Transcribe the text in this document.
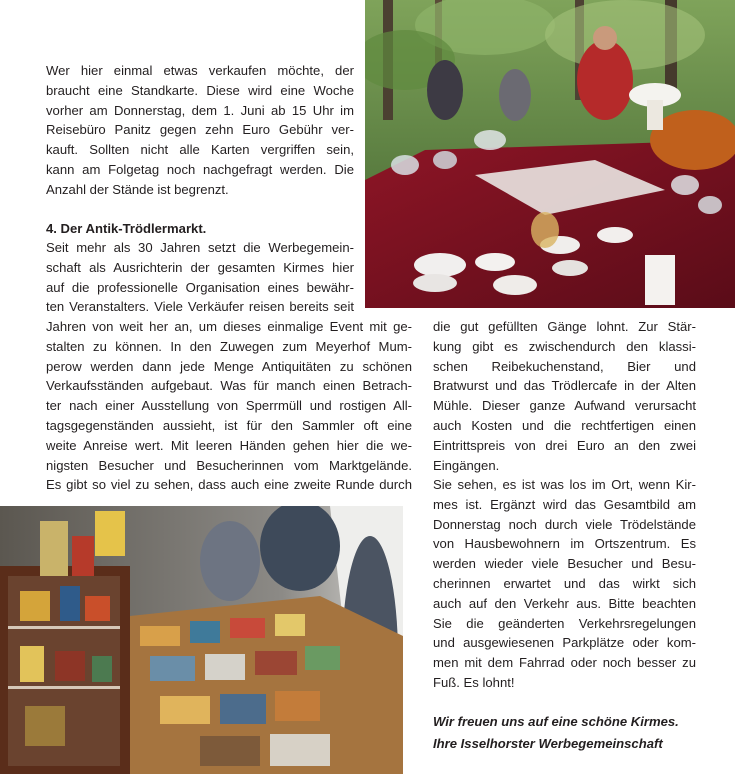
Wer hier einmal etwas verkaufen möchte, der
braucht eine Standkarte. Diese wird eine Woche
vorher am Donnerstag, dem 1. Juni ab 15 Uhr im
Reisebüro Panitz gegen zehn Euro Gebühr ver-
kauft. Sollten nicht alle Karten vergriffen sein,
kann am Folgetag noch nachgefragt werden. Die
Anzahl der Stände ist begrenzt.
4. Der Antik-Trödlermarkt.
Seit mehr als 30 Jahren setzt die Werbegemein-
schaft als Ausrichterin der gesamten Kirmes hier
auf die professionelle Organisation eines bewähr-
ten Veranstalters. Viele Verkäufer reisen bereits seit
Jahren von weit her an, um dieses einmalige Event mit ge-
stalten zu können. In den Zuwegen zum Meyerhof Mum-
perow werden dann jede Menge Antiquitäten zu schönen
Verkaufsständen aufgebaut. Was für manch einen Betrach-
ter nach einer Ausstellung von Sperrmüll und rostigen All-
tagsgegenständen aussieht, ist für den Sammler oft eine
weite Anreise wert. Mit leeren Händen gehen hier die we-
nigsten Besucher und Besucherinnen vom Marktgelände.
Es gibt so viel zu sehen, dass auch eine zweite Runde durch
die gut gefüllten Gänge lohnt. Zur Stär-
kung gibt es zwischendurch den klassi-
schen Reibekuchenstand, Bier und
Bratwurst und das Trödlercafe in der Alten
Mühle. Dieser ganze Aufwand verursacht
auch Kosten und die rechtfertigen einen
Eintrittspreis von drei Euro an den zwei
Eingängen.
Sie sehen, es ist was los im Ort, wenn Kir-
mes ist. Ergänzt wird das Gesamtbild am
Donnerstag noch durch viele Trödelstände
von Hausbewohnern im Ortszentrum. Es
werden wieder viele Besucher und Besu-
cherinnen erwartet und das wirkt sich
auch auf den Verkehr aus. Bitte beachten
Sie die geänderten Verkehrsregelungen
und ausgewiesenen Parkplätze oder kom-
men mit dem Fahrrad oder noch besser zu
Fuß. Es lohnt!
Wir freuen uns auf eine schöne Kirmes.
Ihre Isselhorster Werbegemeinschaft
